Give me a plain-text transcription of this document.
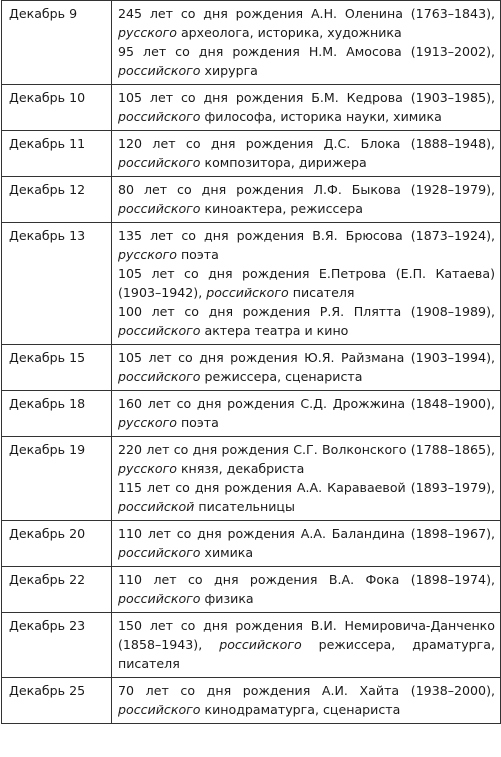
Декабрь 9	245 лет со дня рождения А.Н. Оленина (1763–1843), русского археолога, историка, художника
95 лет со дня рождения Н.М. Амосова (1913–2002), российского хирурга

Декабрь 10	105 лет со дня рождения Б.М. Кедрова (1903–1985), российского философа, историка науки, химика

Декабрь 11	120 лет со дня рождения Д.С. Блока (1888–1948), российского композитора, дирижера

Декабрь 12	80 лет со дня рождения Л.Ф. Быкова (1928–1979), российского киноактера, режиссера

Декабрь 13	135 лет со дня рождения В.Я. Брюсова (1873–1924), русского поэта
105 лет со дня рождения Е.Петрова (Е.П. Катаева) (1903–1942), российского писателя
100 лет со дня рождения Р.Я. Плятта (1908–1989), российского актера театра и кино

Декабрь 15	105 лет со дня рождения Ю.Я. Райзмана (1903–1994), российского режиссера, сценариста

Декабрь 18	160 лет со дня рождения С.Д. Дрожжина (1848–1900), русского поэта

Декабрь 19	220 лет со дня рождения С.Г. Волконского (1788–1865), русского князя, декабриста
115 лет со дня рождения А.А. Караваевой (1893–1979), российской писательницы

Декабрь 20	110 лет со дня рождения А.А. Баландина (1898–1967), российского химика

Декабрь 22	110 лет со дня рождения В.А. Фока (1898–1974), российского физика

Декабрь 23	150 лет со дня рождения В.И. Немировича-Данченко (1858–1943), российского режиссера, драматурга, писателя

Декабрь 25	70 лет со дня рождения А.И. Хайта (1938–2000), российского кинодраматурга, сценариста
